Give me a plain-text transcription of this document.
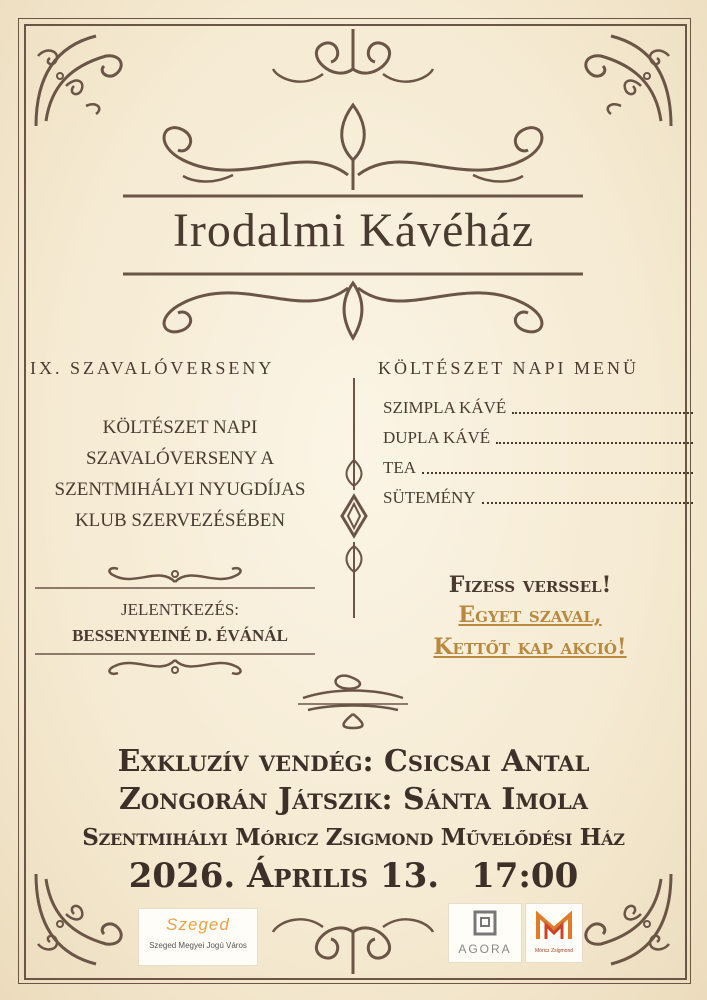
Irodalmi Kávéház
IX. SZAVALÓVERSENY	KÖLTÉSZET NAPI MENÜ
KÖLTÉSZET NAPI
SZAVALÓVERSENY A
SZENTMIHÁLYI NYUGDÍJAS
KLUB SZERVEZÉSÉBEN
JELENTKEZÉS:
BESSENYEINÉ D. ÉVÁNÁL
SZIMPLA KÁVÉ
DUPLA KÁVÉ
TEA
SÜTEMÉNY
Fizess verssel!
Egyet szaval,
Kettőt kap akció!
Exkluzív vendég: Csicsai Antal
Zongorán Játszik: Sánta Imola
Szentmihályi Móricz Zsigmond Művelődési Ház
2026. Április 13. 17:00
Szeged
Szeged Megyei Jogú Város	AGORA	Móricz Zsigmond
